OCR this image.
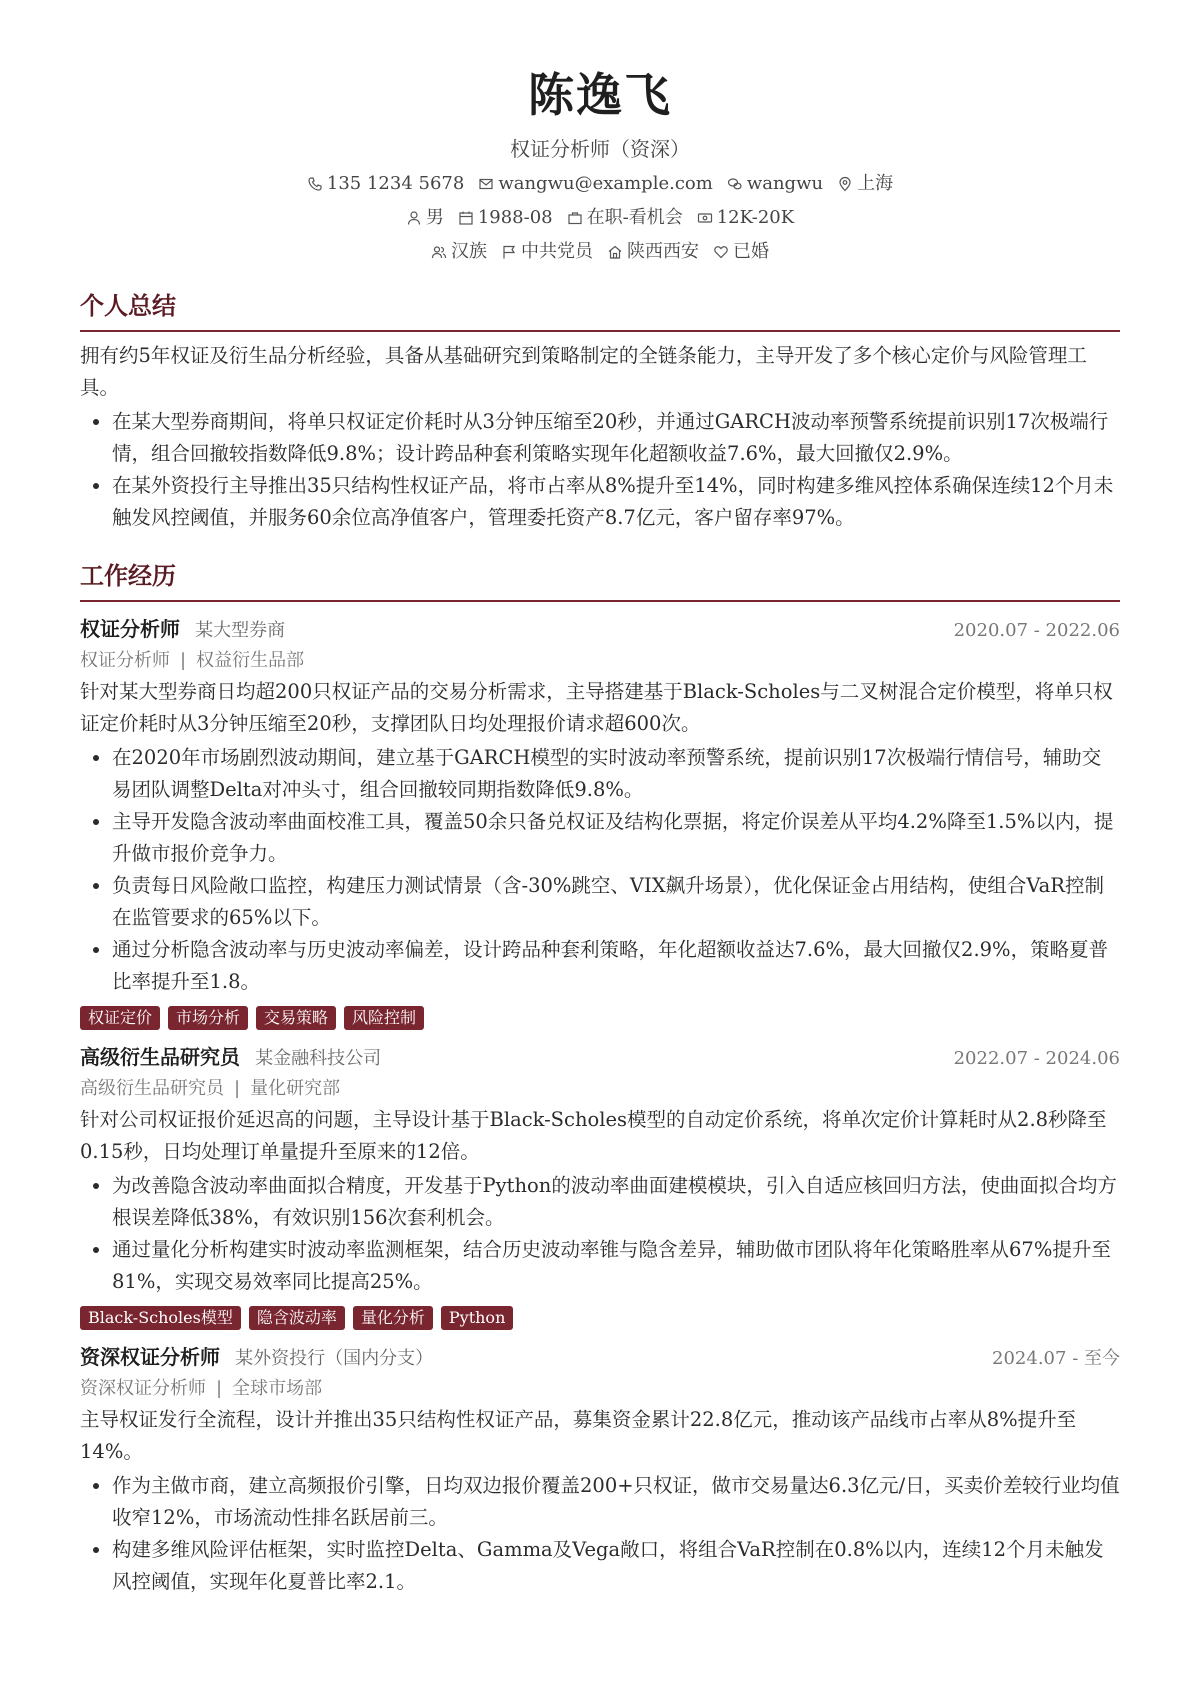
陈逸飞
权证分析师（资深）
135 1234 5678 wangwu@example.com wangwu 上海
男 1988-08 在职-看机会 12K-20K
汉族 中共党员 陕西西安 已婚
个人总结
拥有约5年权证及衍生品分析经验，具备从基础研究到策略制定的全链条能力，主导开发了多个核心定价与风险管理工具。
• 在某大型券商期间，将单只权证定价耗时从3分钟压缩至20秒，并通过GARCH波动率预警系统提前识别17次极端行情，组合回撤较指数降低9.8%；设计跨品种套利策略实现年化超额收益7.6%，最大回撤仅2.9%。
• 在某外资投行主导推出35只结构性权证产品，将市占率从8%提升至14%，同时构建多维风控体系确保连续12个月未触发风控阈值，并服务60余位高净值客户，管理委托资产8.7亿元，客户留存率97%。
工作经历
权证分析师 某大型券商	2020.07 - 2022.06
权证分析师 | 权益衍生品部
针对某大型券商日均超200只权证产品的交易分析需求，主导搭建基于Black-Scholes与二叉树混合定价模型，将单只权证定价耗时从3分钟压缩至20秒，支撑团队日均处理报价请求超600次。
• 在2020年市场剧烈波动期间，建立基于GARCH模型的实时波动率预警系统，提前识别17次极端行情信号，辅助交易团队调整Delta对冲头寸，组合回撤较同期指数降低9.8%。
• 主导开发隐含波动率曲面校准工具，覆盖50余只备兑权证及结构化票据，将定价误差从平均4.2%降至1.5%以内，提升做市报价竞争力。
• 负责每日风险敞口监控，构建压力测试情景（含-30%跳空、VIX飙升场景），优化保证金占用结构，使组合VaR控制在监管要求的65%以下。
• 通过分析隐含波动率与历史波动率偏差，设计跨品种套利策略，年化超额收益达7.6%，最大回撤仅2.9%，策略夏普比率提升至1.8。
权证定价	市场分析	交易策略	风险控制
高级衍生品研究员 某金融科技公司	2022.07 - 2024.06
高级衍生品研究员 | 量化研究部
针对公司权证报价延迟高的问题，主导设计基于Black-Scholes模型的自动定价系统，将单次定价计算耗时从2.8秒降至0.15秒，日均处理订单量提升至原来的12倍。
• 为改善隐含波动率曲面拟合精度，开发基于Python的波动率曲面建模模块，引入自适应核回归方法，使曲面拟合均方根误差降低38%，有效识别156次套利机会。
• 通过量化分析构建实时波动率监测框架，结合历史波动率锥与隐含差异，辅助做市团队将年化策略胜率从67%提升至81%，实现交易效率同比提高25%。
Black-Scholes模型	隐含波动率	量化分析	Python
资深权证分析师 某外资投行（国内分支）	2024.07 - 至今
资深权证分析师 | 全球市场部
主导权证发行全流程，设计并推出35只结构性权证产品，募集资金累计22.8亿元，推动该产品线市占率从8%提升至14%。
• 作为主做市商，建立高频报价引擎，日均双边报价覆盖200+只权证，做市交易量达6.3亿元/日，买卖价差较行业均值收窄12%，市场流动性排名跃居前三。
• 构建多维风险评估框架，实时监控Delta、Gamma及Vega敞口，将组合VaR控制在0.8%以内，连续12个月未触发风控阈值，实现年化夏普比率2.1。
